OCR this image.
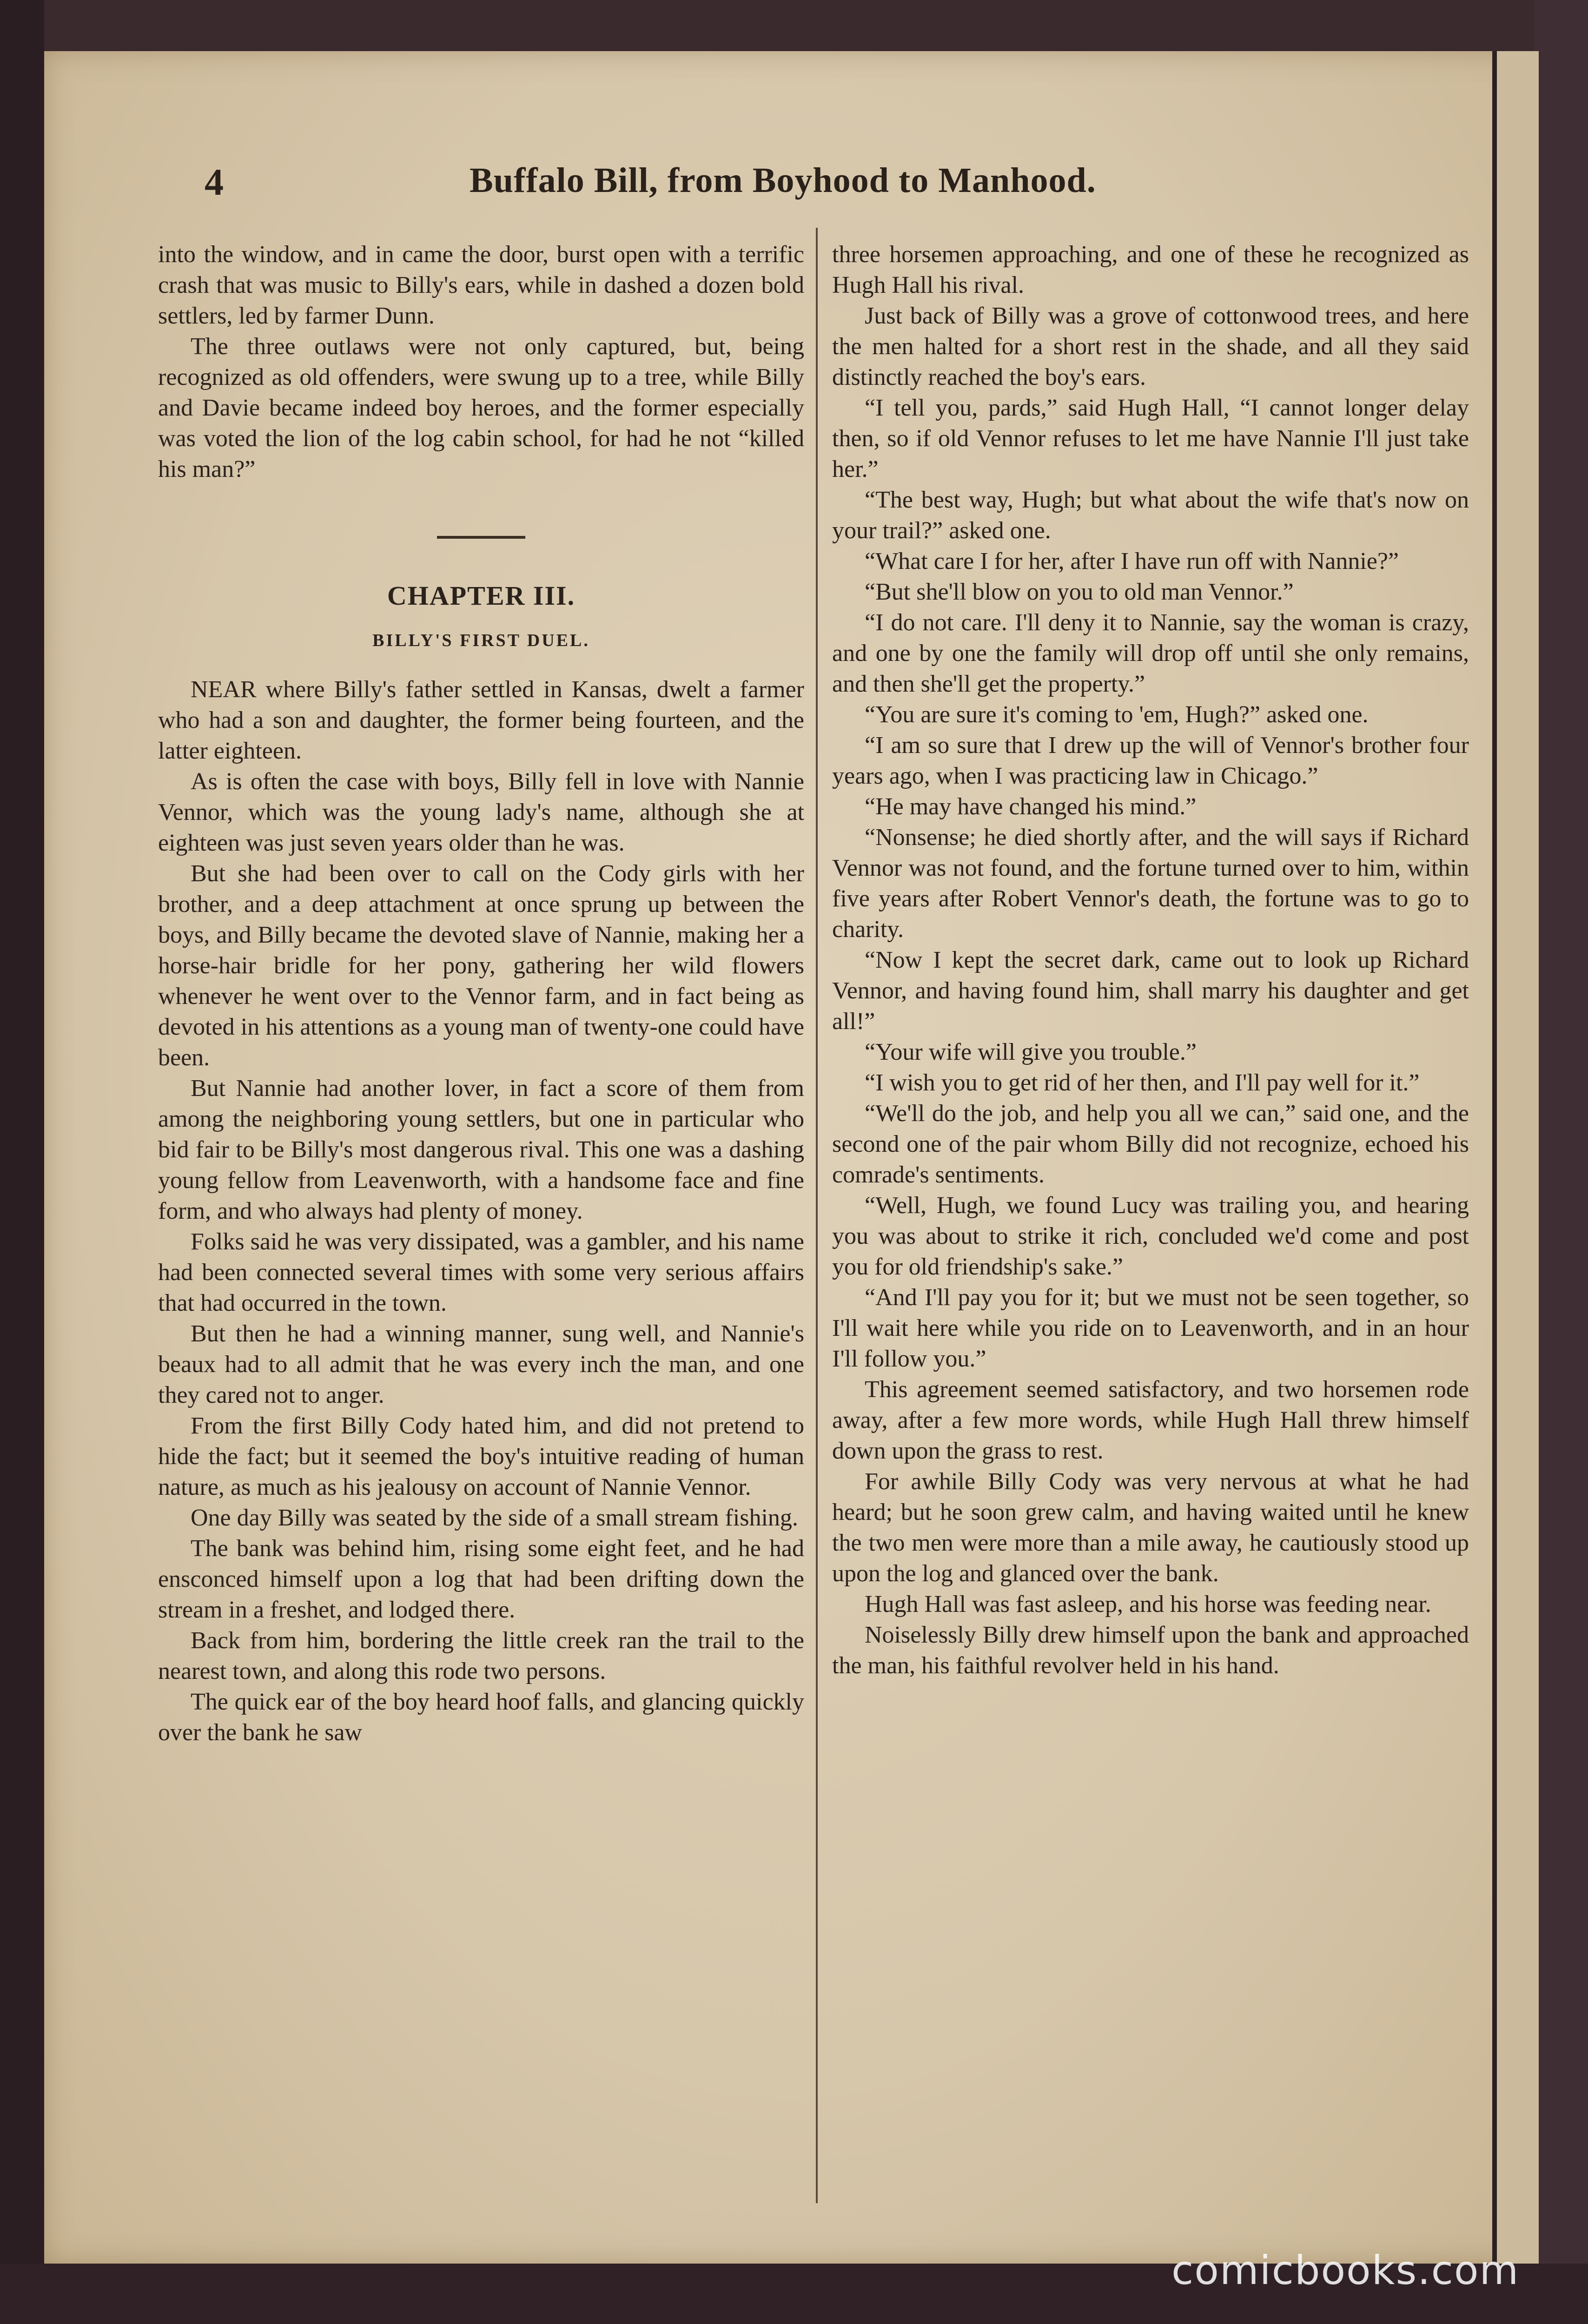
4	Buffalo Bill, from Boyhood to Manhood.

into the window, and in came the door, burst open with a terrific crash that was music to Billy's ears, while in dashed a dozen bold settlers, led by farmer Dunn.

The three outlaws were not only captured, but, being recognized as old offenders, were swung up to a tree, while Billy and Davie became indeed boy heroes, and the former especially was voted the lion of the log cabin school, for had he not “killed his man?”

CHAPTER III.
BILLY'S FIRST DUEL.

NEAR where Billy's father settled in Kansas, dwelt a farmer who had a son and daughter, the former being fourteen, and the latter eighteen.

As is often the case with boys, Billy fell in love with Nannie Vennor, which was the young lady's name, although she at eighteen was just seven years older than he was.

But she had been over to call on the Cody girls with her brother, and a deep attachment at once sprung up between the boys, and Billy became the devoted slave of Nannie, making her a horse-hair bridle for her pony, gathering her wild flowers whenever he went over to the Vennor farm, and in fact being as devoted in his attentions as a young man of twenty-one could have been.

But Nannie had another lover, in fact a score of them from among the neighboring young settlers, but one in particular who bid fair to be Billy's most dangerous rival. This one was a dashing young fellow from Leavenworth, with a handsome face and fine form, and who always had plenty of money.

Folks said he was very dissipated, was a gambler, and his name had been connected several times with some very serious affairs that had occurred in the town.

But then he had a winning manner, sung well, and Nannie's beaux had to all admit that he was every inch the man, and one they cared not to anger.

From the first Billy Cody hated him, and did not pretend to hide the fact; but it seemed the boy's intuitive reading of human nature, as much as his jealousy on account of Nannie Vennor.

One day Billy was seated by the side of a small stream fishing.

The bank was behind him, rising some eight feet, and he had ensconced himself upon a log that had been drifting down the stream in a freshet, and lodged there.

Back from him, bordering the little creek ran the trail to the nearest town, and along this rode two persons.

The quick ear of the boy heard hoof falls, and glancing quickly over the bank he saw

three horsemen approaching, and one of these he recognized as Hugh Hall his rival.

Just back of Billy was a grove of cottonwood trees, and here the men halted for a short rest in the shade, and all they said distinctly reached the boy's ears.

“I tell you, pards,” said Hugh Hall, “I cannot longer delay then, so if old Vennor refuses to let me have Nannie I'll just take her.”

“The best way, Hugh; but what about the wife that's now on your trail?” asked one.

“What care I for her, after I have run off with Nannie?”

“But she'll blow on you to old man Vennor.”

“I do not care. I'll deny it to Nannie, say the woman is crazy, and one by one the family will drop off until she only remains, and then she'll get the property.”

“You are sure it's coming to 'em, Hugh?” asked one.

“I am so sure that I drew up the will of Vennor's brother four years ago, when I was practicing law in Chicago.”

“He may have changed his mind.”

“Nonsense; he died shortly after, and the will says if Richard Vennor was not found, and the fortune turned over to him, within five years after Robert Vennor's death, the fortune was to go to charity.

“Now I kept the secret dark, came out to look up Richard Vennor, and having found him, shall marry his daughter and get all!”

“Your wife will give you trouble.”

“I wish you to get rid of her then, and I'll pay well for it.”

“We'll do the job, and help you all we can,” said one, and the second one of the pair whom Billy did not recognize, echoed his comrade's sentiments.

“Well, Hugh, we found Lucy was trailing you, and hearing you was about to strike it rich, concluded we'd come and post you for old friendship's sake.”

“And I'll pay you for it; but we must not be seen together, so I'll wait here while you ride on to Leavenworth, and in an hour I'll follow you.”

This agreement seemed satisfactory, and two horsemen rode away, after a few more words, while Hugh Hall threw himself down upon the grass to rest.

For awhile Billy Cody was very nervous at what he had heard; but he soon grew calm, and having waited until he knew the two men were more than a mile away, he cautiously stood up upon the log and glanced over the bank.

Hugh Hall was fast asleep, and his horse was feeding near.

Noiselessly Billy drew himself upon the bank and approached the man, his faithful revolver held in his hand.

comicbooks.com
